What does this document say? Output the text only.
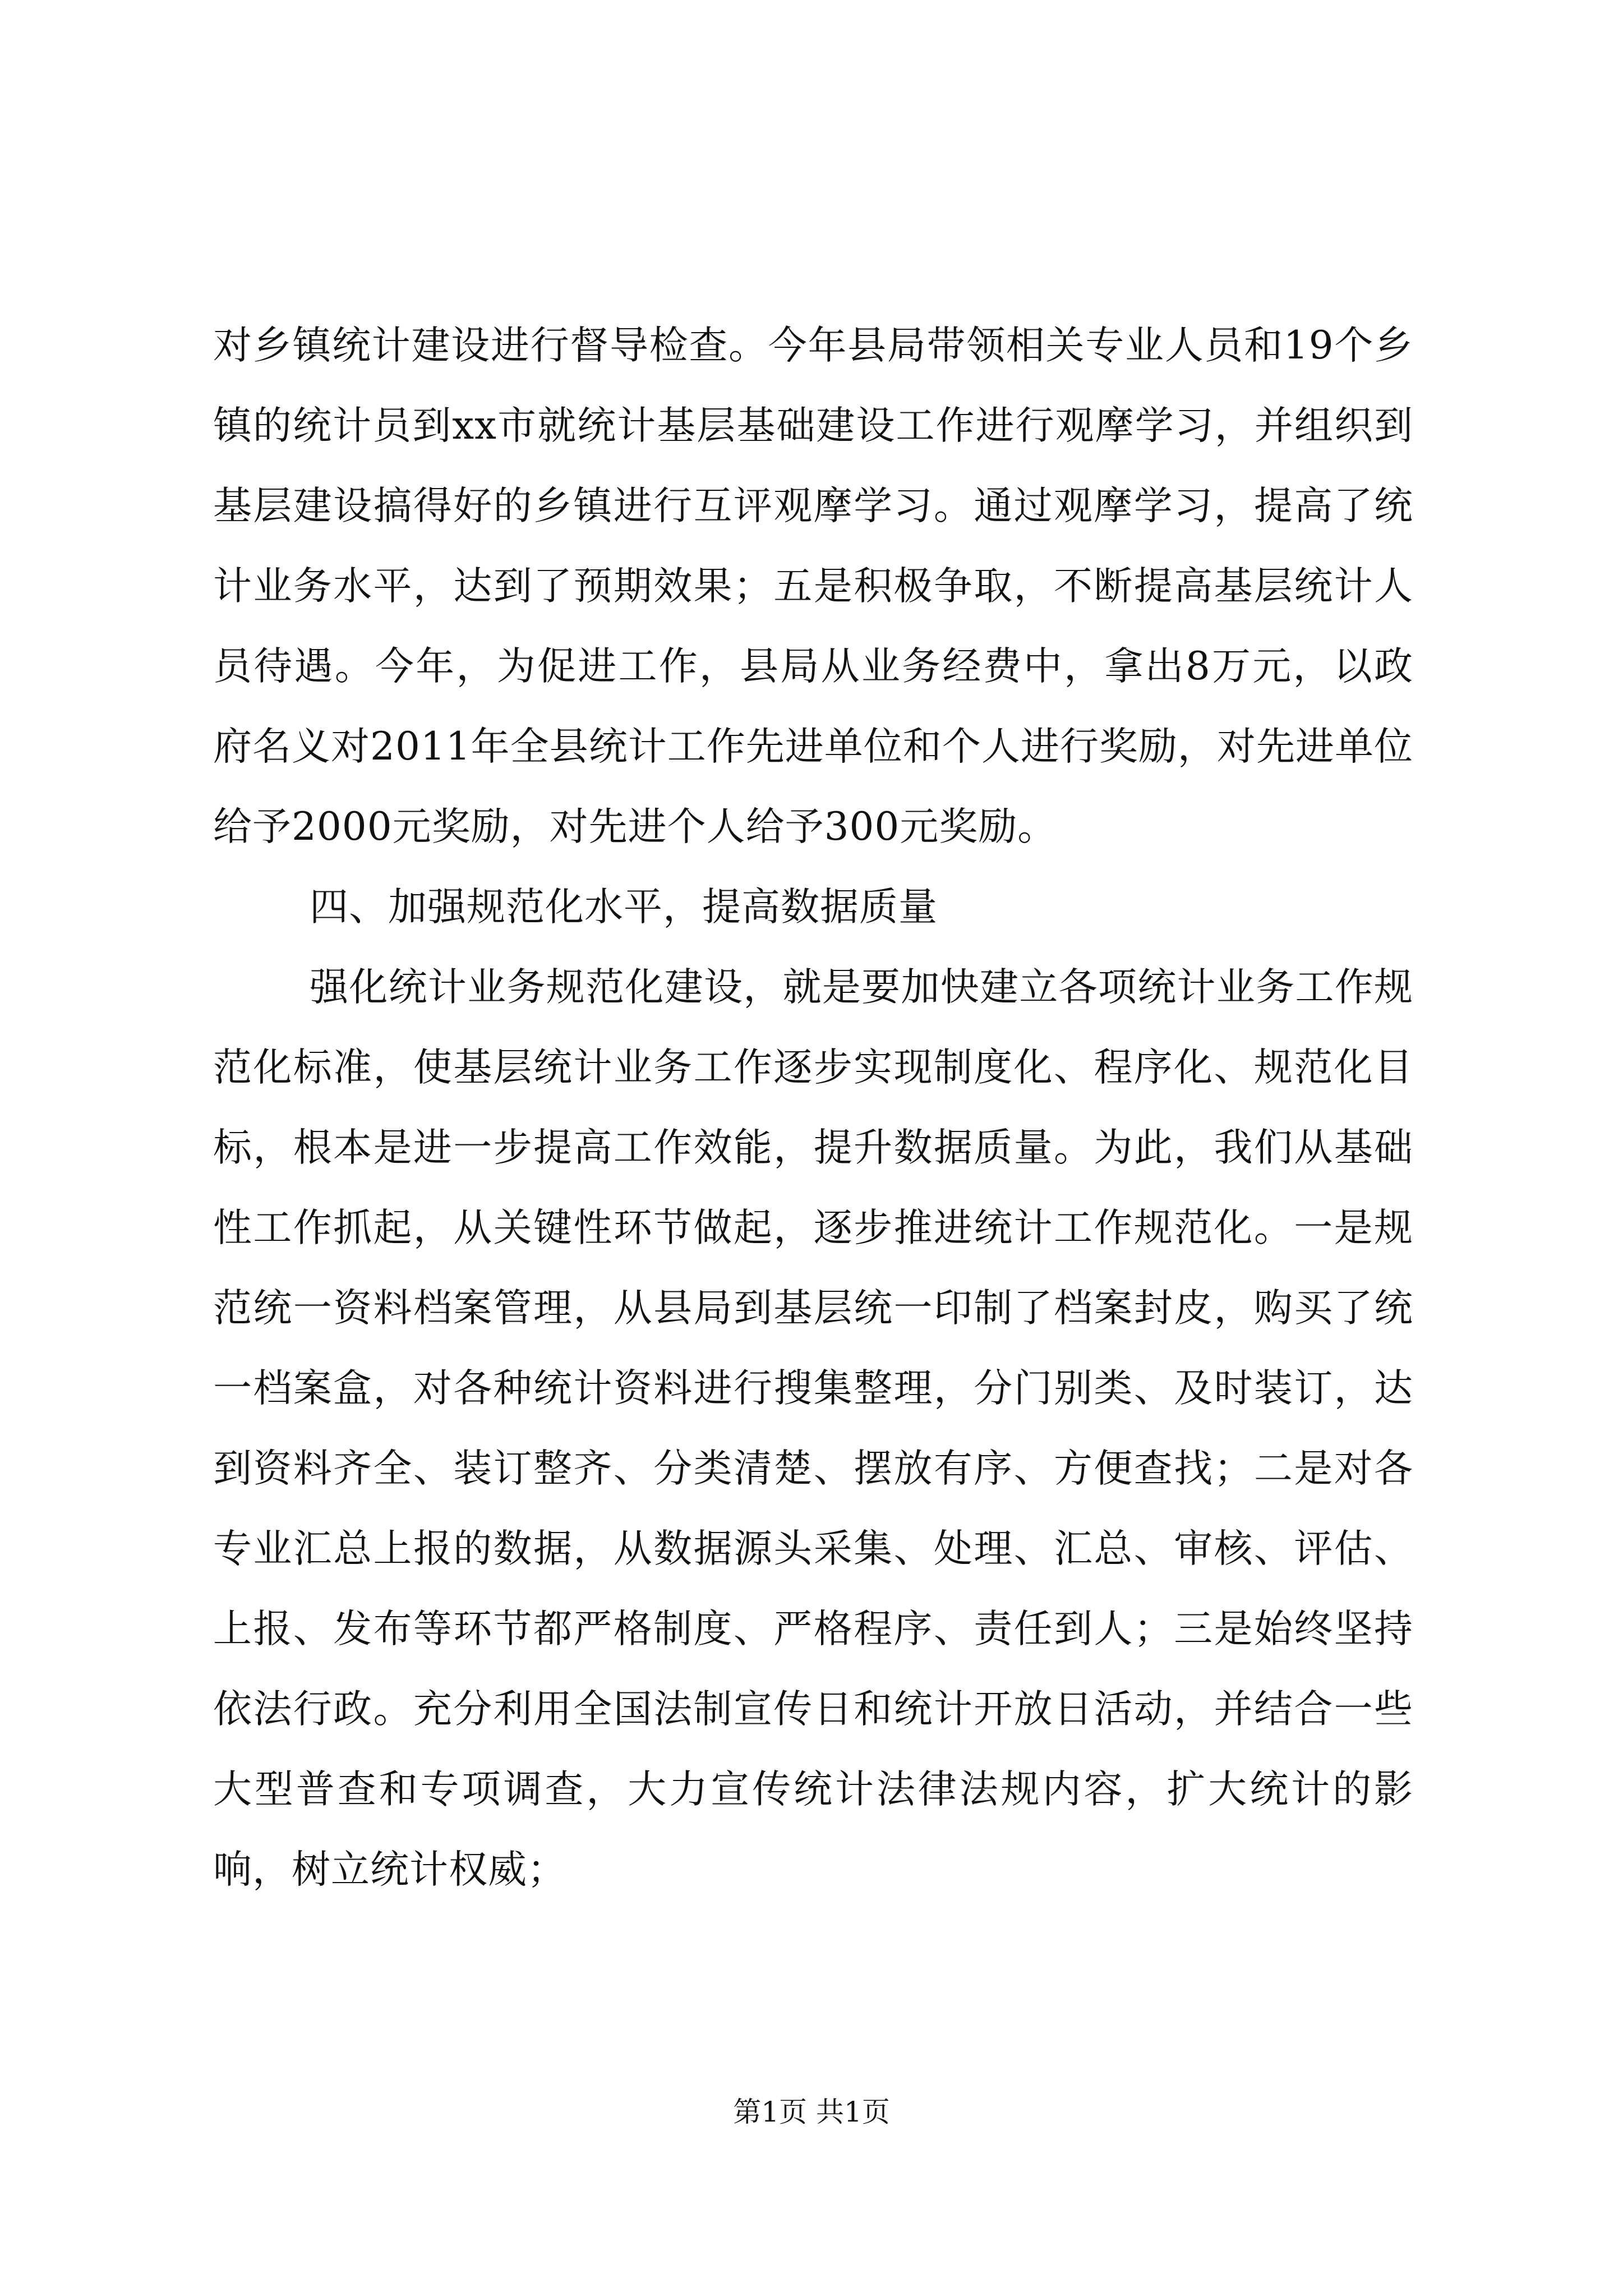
对乡镇统计建设进行督导检查。今年县局带领相关专业人员和19个乡镇的统计员到xx市就统计基层基础建设工作进行观摩学习，并组织到基层建设搞得好的乡镇进行互评观摩学习。通过观摩学习，提高了统计业务水平，达到了预期效果；五是积极争取，不断提高基层统计人员待遇。今年，为促进工作，县局从业务经费中，拿出8万元，以政府名义对2011年全县统计工作先进单位和个人进行奖励，对先进单位给予2000元奖励，对先进个人给予300元奖励。

四、加强规范化水平，提高数据质量

强化统计业务规范化建设，就是要加快建立各项统计业务工作规范化标准，使基层统计业务工作逐步实现制度化、程序化、规范化目标，根本是进一步提高工作效能，提升数据质量。为此，我们从基础性工作抓起，从关键性环节做起，逐步推进统计工作规范化。一是规范统一资料档案管理，从县局到基层统一印制了档案封皮，购买了统一档案盒，对各种统计资料进行搜集整理，分门别类、及时装订，达到资料齐全、装订整齐、分类清楚、摆放有序、方便查找；二是对各专业汇总上报的数据，从数据源头采集、处理、汇总、审核、评估、上报、发布等环节都严格制度、严格程序、责任到人；三是始终坚持依法行政。充分利用全国法制宣传日和统计开放日活动，并结合一些大型普查和专项调查，大力宣传统计法律法规内容，扩大统计的影响，树立统计权威；

第1页 共1页
